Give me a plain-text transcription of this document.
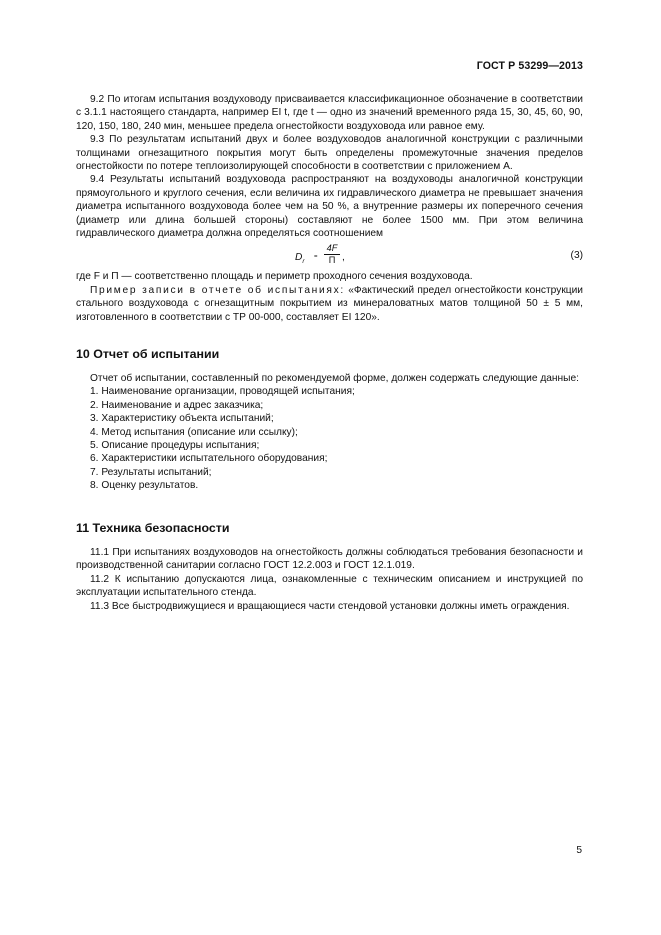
ГОСТ Р 53299—2013

9.2 По итогам испытания воздуховоду присваивается классификационное обозначение в соответствии с 3.1.1 настоящего стандарта, например EI t, где t — одно из значений временного ряда 15, 30, 45, 60, 90, 120, 150, 180, 240 мин, меньшее предела огнестойкости воздуховода или равное ему.

9.3 По результатам испытаний двух и более воздуховодов аналогичной конструкции с различными толщинами огнезащитного покрытия могут быть определены промежуточные значения пределов огнестойкости по потере теплоизолирующей способности в соответствии с приложением А.

9.4 Результаты испытаний воздуховода распространяют на воздуховоды аналогичной конструкции прямоугольного и круглого сечения, если величина их гидравлического диаметра не превышает значения диаметра испытанного воздуховода более чем на 50 %, а внутренние размеры их поперечного сечения (диаметр или длина большей стороны) составляют не более 1500 мм. При этом величина гидравлического диаметра должна определяться соотношением

$D_r$
=
4F
П ,	(3)

где F и П — соответственно площадь и периметр проходного сечения воздуховода.

Пример записи в отчете об испытаниях: «Фактический предел огнестойкости конструкции стального воздуховода с огнезащитным покрытием из минераловатных матов толщиной 50 ± 5 мм, изготовленного в соответствии с ТР 00-000, составляет EI 120».

10 Отчет об испытании

Отчет об испытании, составленный по рекомендуемой форме, должен содержать следующие данные:

1. Наименование организации, проводящей испытания;

2. Наименование и адрес заказчика;

3. Характеристику объекта испытаний;

4. Метод испытания (описание или ссылку);

5. Описание процедуры испытания;

6. Характеристики испытательного оборудования;

7. Результаты испытаний;

8. Оценку результатов.

11 Техника безопасности

11.1 При испытаниях воздуховодов на огнестойкость должны соблюдаться требования безопасности и производственной санитарии согласно ГОСТ 12.2.003 и ГОСТ 12.1.019.

11.2 К испытанию допускаются лица, ознакомленные с техническим описанием и инструкцией по эксплуатации испытательного стенда.

11.3 Все быстродвижущиеся и вращающиеся части стендовой установки должны иметь ограждения.

5
